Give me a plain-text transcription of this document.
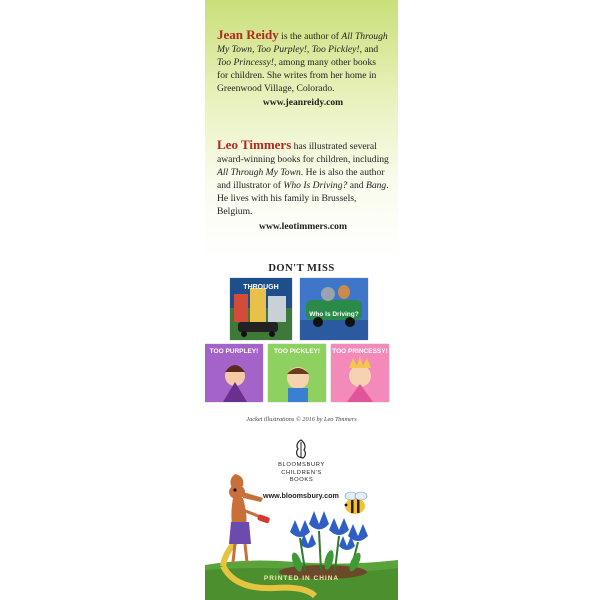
Jean Reidy is the author of All Through My Town, Too Purpley!, Too Pickley!, and Too Princessy!, among many other books for children. She writes from her home in Greenwood Village, Colorado.
www.jeanreidy.com
Leo Timmers has illustrated several award-winning books for children, including All Through My Town. He is also the author and illustrator of Who Is Driving? and Bang. He lives with his family in Brussels, Belgium.
www.leotimmers.com
DON'T MISS
THROUGH
Who Is Driving?
TOO PURPLEY!	TOO PICKLEY!	TOO PRINCESSY!
Jacket illustrations © 2016 by Leo Timmers
BLOOMSBURY
CHILDREN'S
BOOKS
www.bloomsbury.com
PRINTED IN CHINA
